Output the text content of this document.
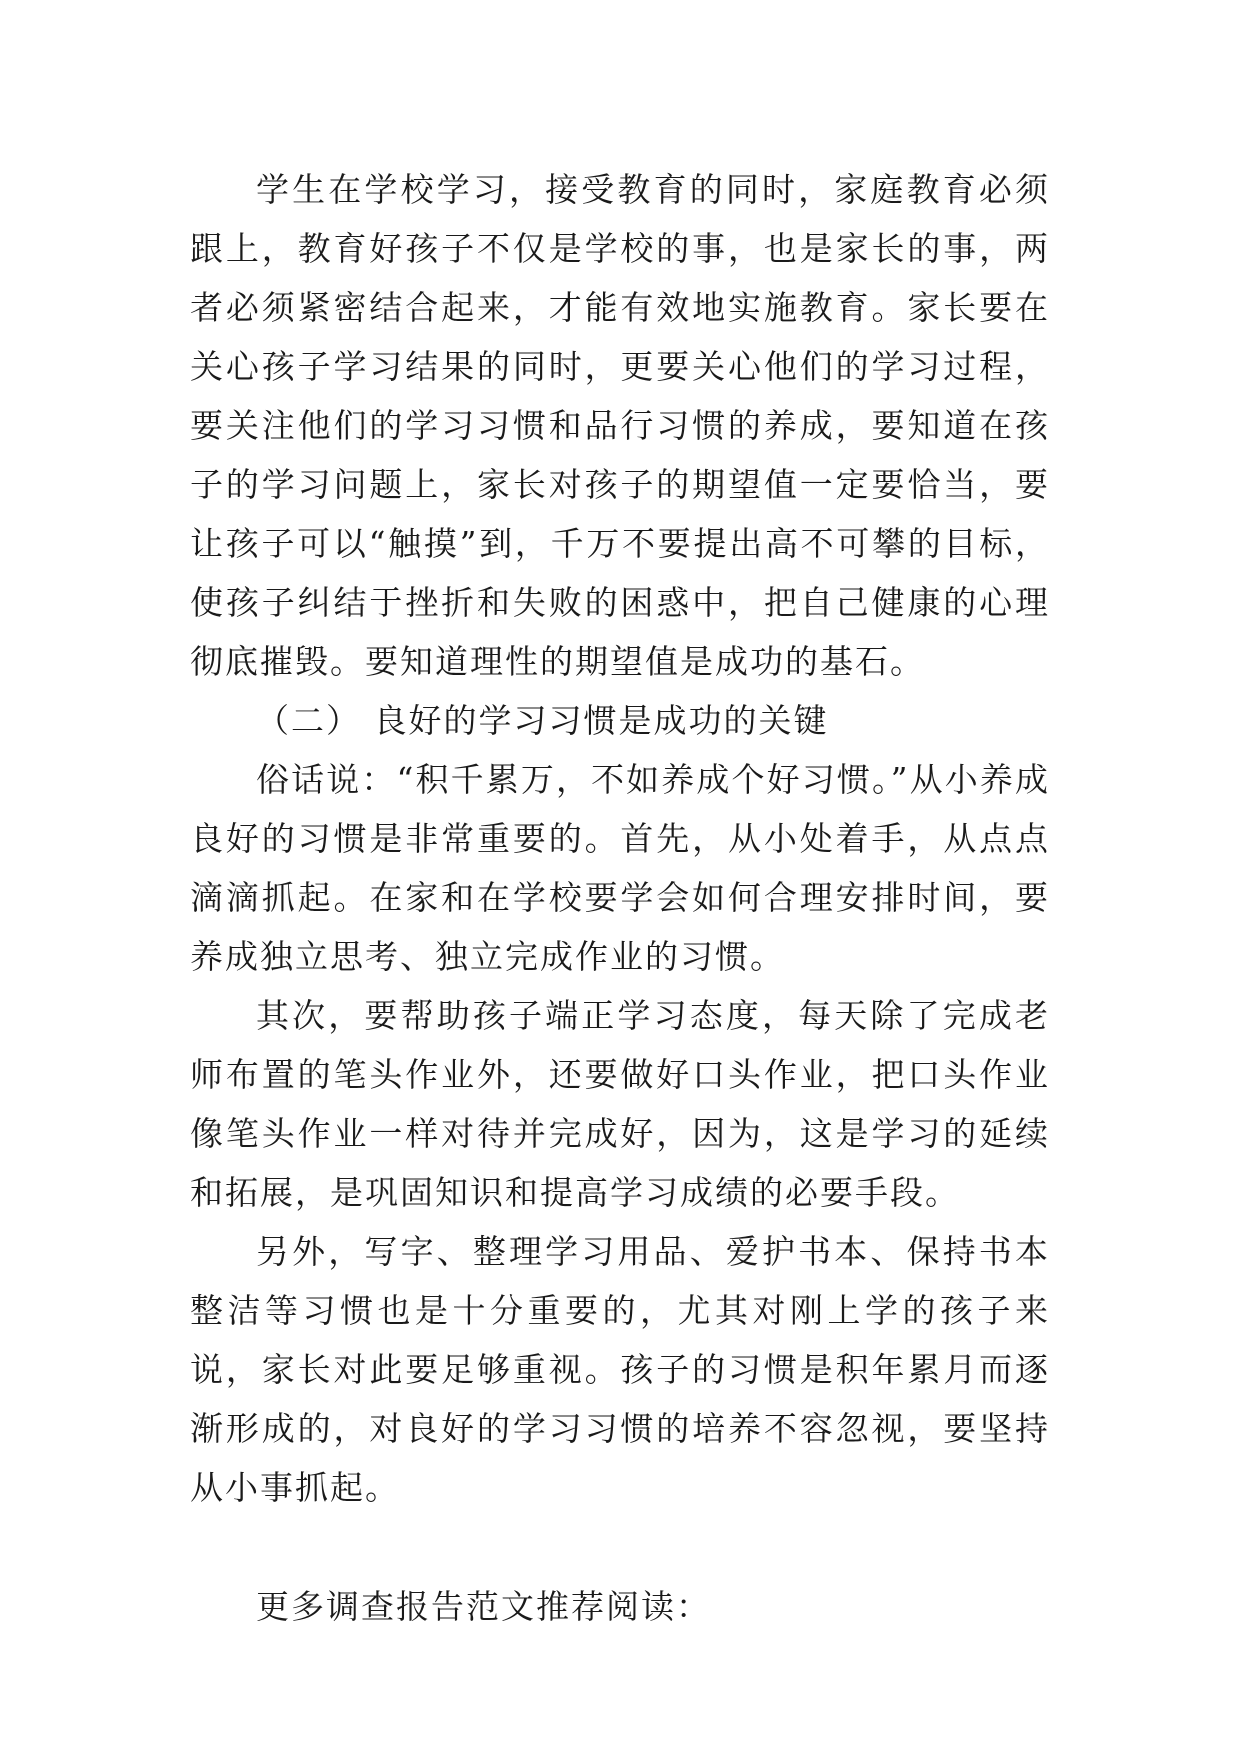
学生在学校学习，接受教育的同时，家庭教育必须跟上，教育好孩子不仅是学校的事，也是家长的事，两者必须紧密结合起来，才能有效地实施教育。家长要在关心孩子学习结果的同时，更要关心他们的学习过程，要关注他们的学习习惯和品行习惯的养成，要知道在孩子的学习问题上，家长对孩子的期望值一定要恰当，要让孩子可以“触摸”到，千万不要提出高不可攀的目标，使孩子纠结于挫折和失败的困惑中，把自己健康的心理彻底摧毁。要知道理性的期望值是成功的基石。

（二） 良好的学习习惯是成功的关键

俗话说：“积千累万，不如养成个好习惯。”从小养成良好的习惯是非常重要的。首先，从小处着手，从点点滴滴抓起。在家和在学校要学会如何合理安排时间，要养成独立思考、独立完成作业的习惯。

其次，要帮助孩子端正学习态度，每天除了完成老师布置的笔头作业外，还要做好口头作业，把口头作业像笔头作业一样对待并完成好，因为，这是学习的延续和拓展，是巩固知识和提高学习成绩的必要手段。

另外，写字、整理学习用品、爱护书本、保持书本整洁等习惯也是十分重要的，尤其对刚上学的孩子来说，家长对此要足够重视。孩子的习惯是积年累月而逐渐形成的，对良好的学习习惯的培养不容忽视，要坚持从小事抓起。

更多调查报告范文推荐阅读：
